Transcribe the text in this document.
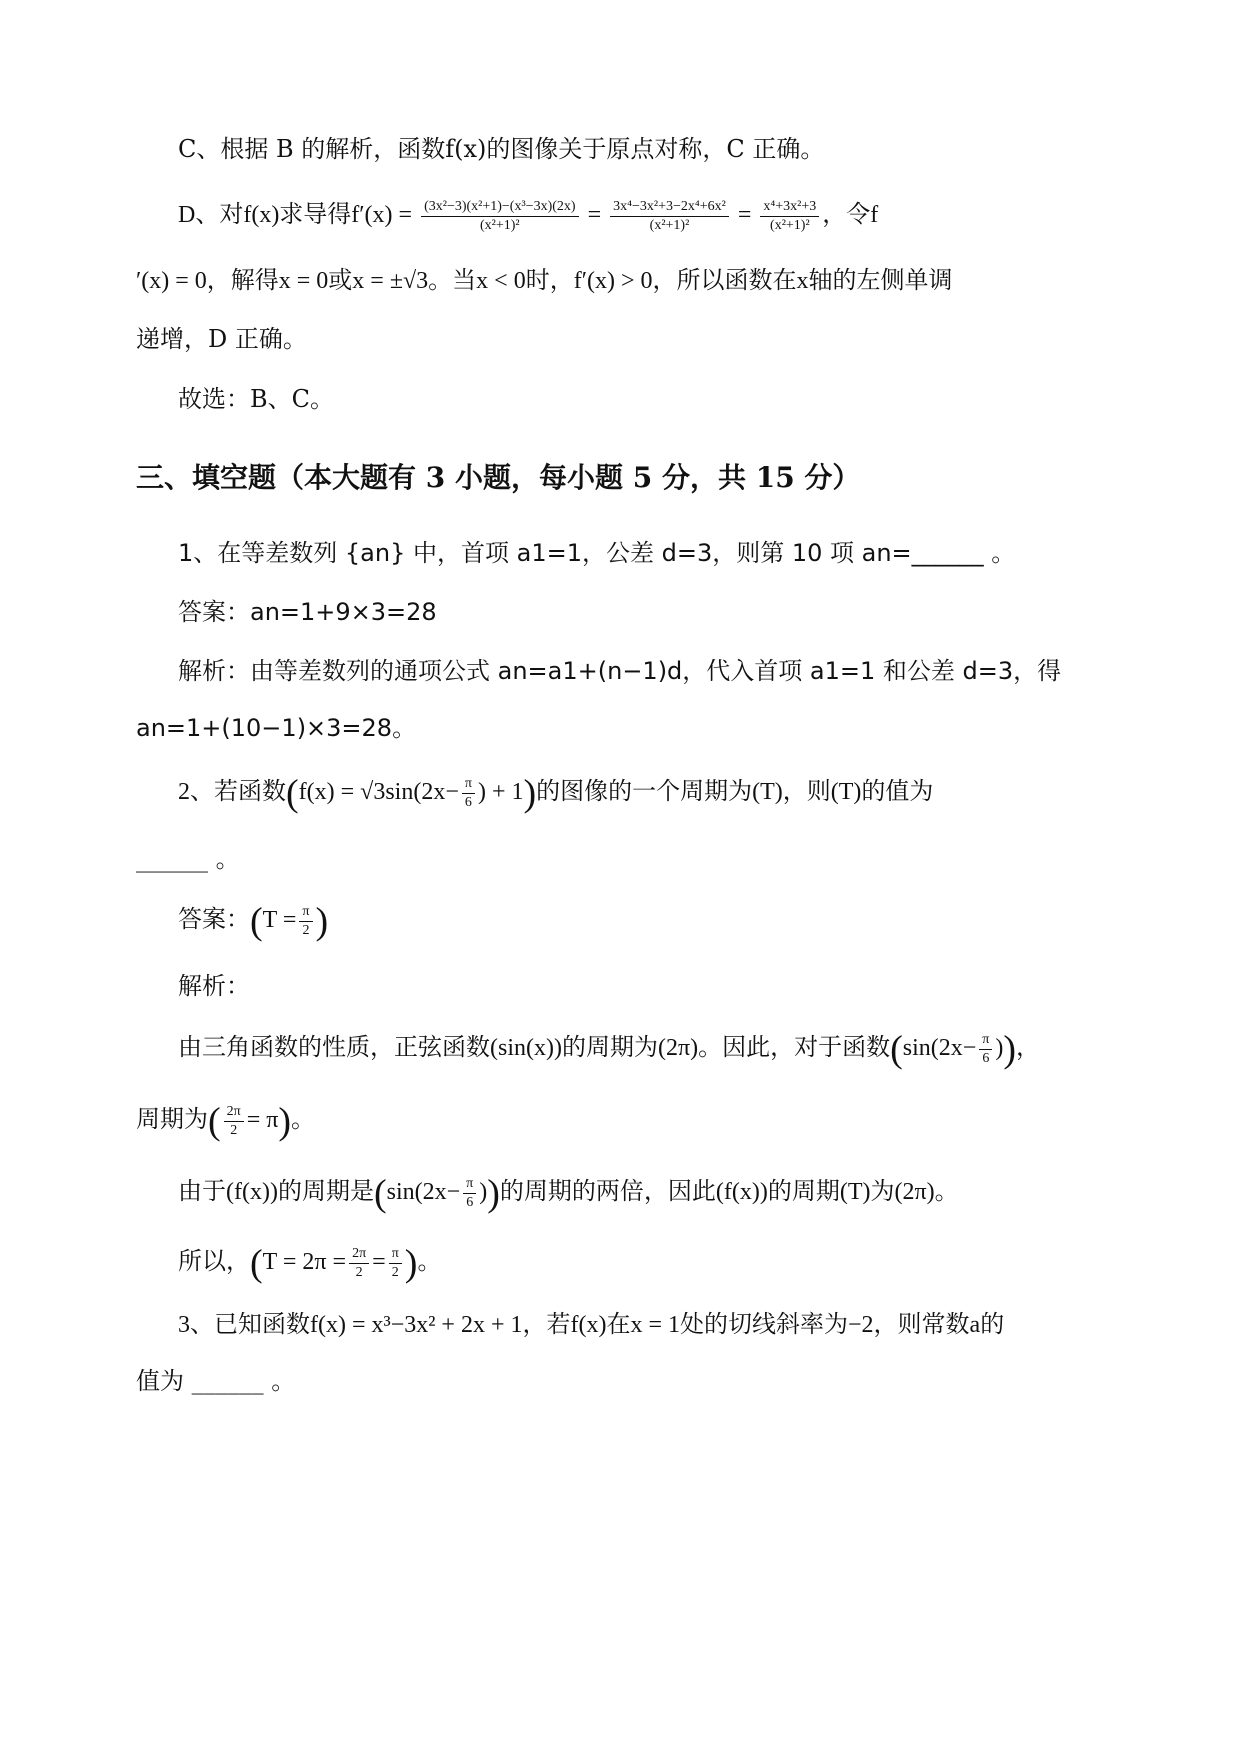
C、根据 B 的解析，函数f(x)的图像关于原点对称，C 正确。
D、对f(x)求导得$f'(x) = \frac{\text{(3x²−3)(x²+1)−(x³−3x)(2x)}}{\text{(x²+1)²}} = \frac{\text{3x⁴−3x²+3−2x⁴+6x²}}{\text{(x²+1)²}} = \frac{\text{x⁴+3x²+3}}{\text{(x²+1)²}}$ ，令f
′(x) = 0，解得x = 0或x = ±√3。当x < 0时，f′(x) > 0，所以函数在x轴的左侧单调
递增，D 正确。
故选：B、C。
三、填空题（本大题有 3 小题，每小题 5 分，共 15 分）
1、在等差数列 {an} 中，首项 a1=1，公差 d=3，则第 10 项 an=______ 。
答案：an=1+9×3=28
解析：由等差数列的通项公式 an=a1+(n−1)d，代入首项 a1=1 和公差 d=3，得
an=1+(10−1)×3=28。
2、若函数($f(x) = √3\sin(2x- \frac{\pi}{6}$ ) + 1)的图像的一个周期为(T)，则(T)的值为
______ 。
答案：($T = \frac{\pi}{2}$ )
解析：
由三角函数的性质，正弦函数(sin(x))的周期为(2π)。因此，对于函数($\sin(2x- \frac{\pi}{6}$ ))，
周期为( $\frac{2\pi}{2} = \pi$)。
由于(f(x))的周期是($\sin(2x- \frac{\pi}{6}$ ))的周期的两倍，因此(f(x))的周期(T)为(2π)。
所以，($T = 2\pi = \frac{2\pi}{2} = \frac{\pi}{2}$ )。
3、已知函数f(x) = x³−3x² + 2x + 1，若f(x)在x = 1处的切线斜率为−2，则常数a的
值为 ______ 。
